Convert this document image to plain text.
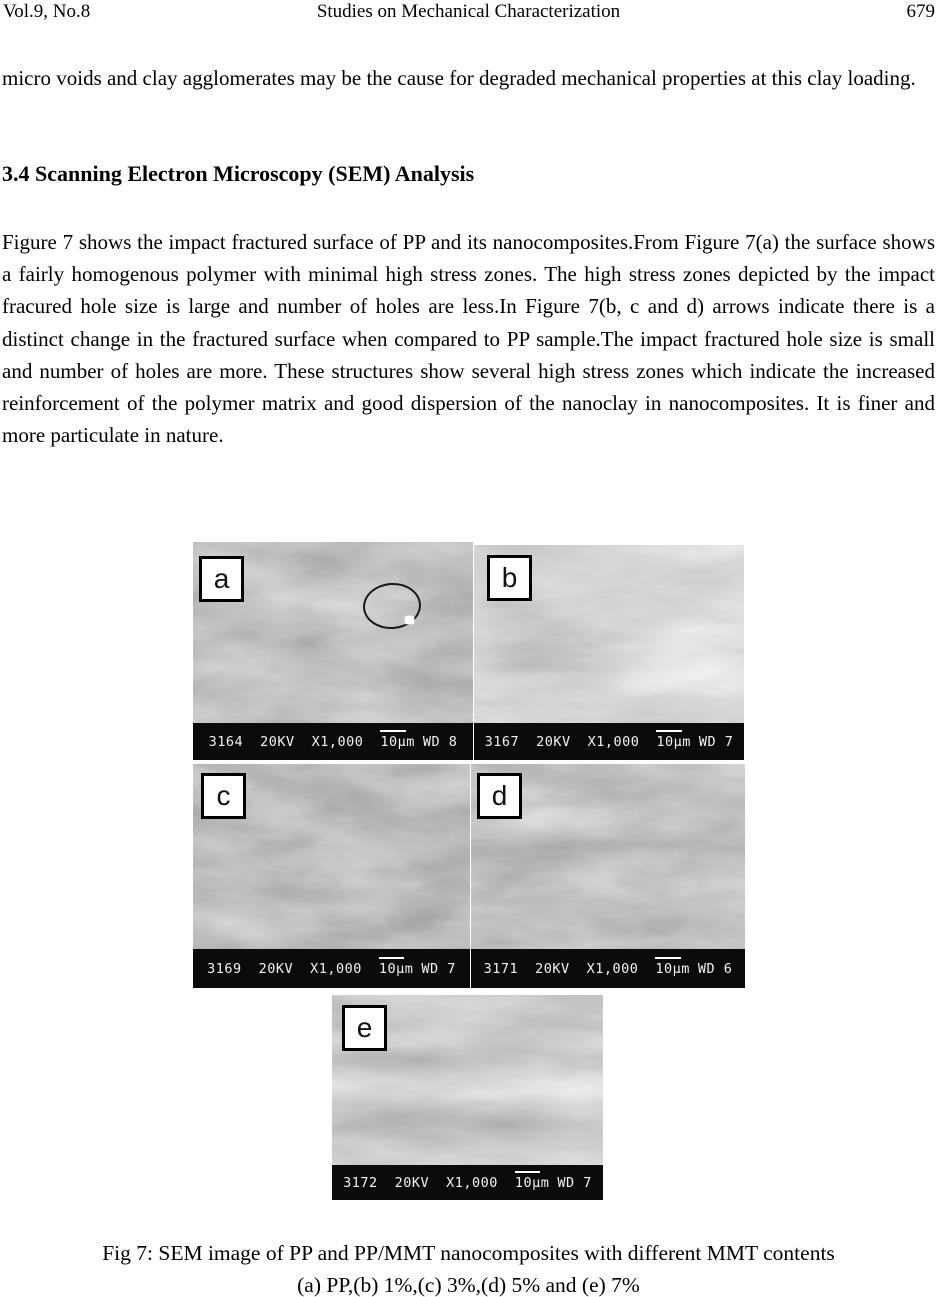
Vol.9, No.8	Studies on Mechanical Characterization	679

micro voids and clay agglomerates may be the cause for degraded mechanical properties at this clay loading.

3.4 Scanning Electron Microscopy (SEM) Analysis

Figure 7 shows the impact fractured surface of PP and its nanocomposites.From Figure 7(a) the surface shows a fairly homogenous polymer with minimal high stress zones. The high stress zones depicted by the impact fracured hole size is large and number of holes are less.In Figure 7(b, c and d) arrows indicate there is a distinct change in the fractured surface when compared to PP sample.The impact fractured hole size is small and number of holes are more. These structures show several high stress zones which indicate the increased reinforcement of the polymer matrix and good dispersion of the nanoclay in nanocomposites. It is finer and more particulate in nature.

a
3164 20KV X1,000 10μm WD 8
b
3167 20KV X1,000 10μm WD 7
c
3169 20KV X1,000 10μm WD 7
d
3171 20KV X1,000 10μm WD 6
e
3172 20KV X1,000 10μm WD 7
Fig 7: SEM image of PP and PP/MMT nanocomposites with different MMT contents
(a) PP,(b) 1%,(c) 3%,(d) 5% and (e) 7%
